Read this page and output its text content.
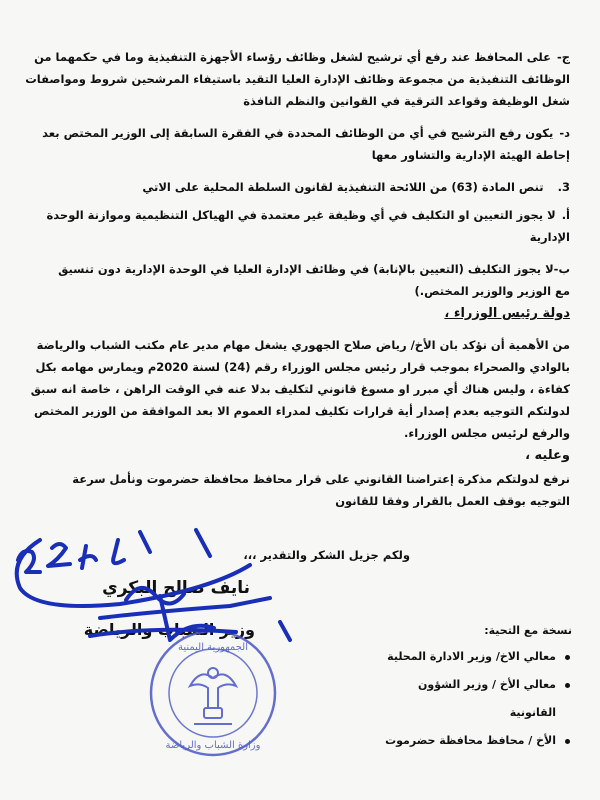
ج-على المحافظ عند رفع أي ترشيح لشغل وظائف رؤساء الأجهزة التنفيذية وما في حكمهما من الوظائف التنفيذية من مجموعة وظائف الإدارة العليا التقيد باستيفاء المرشحين شروط ومواصفات شغل الوظيفة وقواعد الترقية في القوانين والنظم النافذة
د-يكون رفع الترشيح في أي من الوظائف المحددة في الفقرة السابقة إلى الوزير المختص بعد إحاطة الهيئة الإدارية والتشاور معها
3.تنص المادة (63) من اللائحة التنفيذية لقانون السلطة المحلية على الاتي
أ.لا يجوز التعيين او التكليف في أي وظيفة غير معتمدة في الهياكل التنظيمية وموازنة الوحدة الإدارية
ب-لا يجوز التكليف (التعيين بالإنابة) في وظائف الإدارة العليا في الوحدة الإدارية دون تنسيق مع الوزير والوزير المختص.)
دولة رئيس الوزراء ،
من الأهمية أن نؤكد بان الأخ/ رياض صلاح الجهوري يشغل مهام مدير عام مكتب الشباب والرياضة بالوادي والصحراء بموجب قرار رئيس مجلس الوزراء رقم (24) لسنة 2020م ويمارس مهامه بكل كفاءة ، وليس هناك أي مبرر او مسوغ قانوني لتكليف بدلا عنه في الوقت الراهن ، خاصة انه سبق لدولتكم التوجيه بعدم إصدار أية قرارات تكليف لمدراء العموم الا بعد الموافقة من الوزير المختص والرفع لرئيس مجلس الوزراء.
وعليه ،
نرفع لدولتكم مذكرة إعتراضنا القانوني على قرار محافظ محافظة حضرموت ونأمل سرعة التوجيه بوقف العمل بالقرار وفقا للقانون
ولكم جزيل الشكر والتقدير ،،،
نايف صالح البكري
وزير الشباب والرياضة	نسخة مع التحية:
معالي الاخ/ وزير الادارة المحلية
معالي الأخ / وزير الشؤون القانونية
الأخ / محافظ محافظة حضرموت
الجمهورية اليمنية
وزارة الشباب والرياضة
